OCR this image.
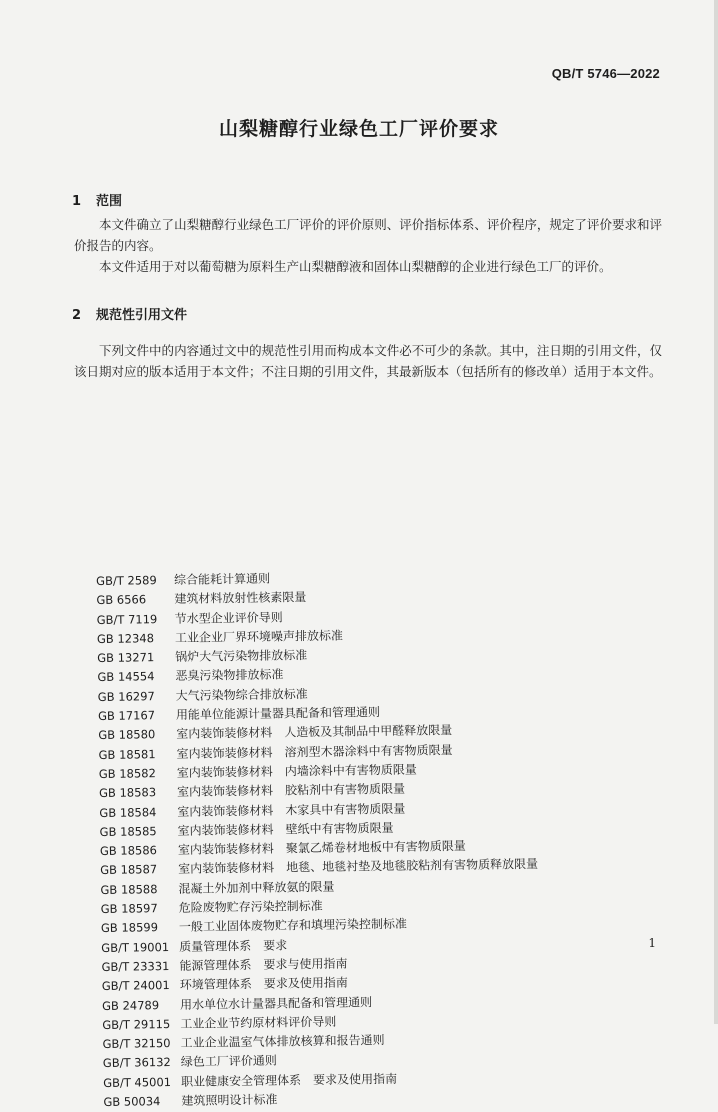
QB/T 5746—2022
山梨糖醇行业绿色工厂评价要求
1 范围
本文件确立了山梨糖醇行业绿色工厂评价的评价原则、评价指标体系、评价程序，规定了评价要求和评价报告的内容。
本文件适用于对以葡萄糖为原料生产山梨糖醇液和固体山梨糖醇的企业进行绿色工厂的评价。
2 规范性引用文件
下列文件中的内容通过文中的规范性引用而构成本文件必不可少的条款。其中，注日期的引用文件，仅该日期对应的版本适用于本文件；不注日期的引用文件，其最新版本（包括所有的修改单）适用于本文件。
GB/T 2589 综合能耗计算通则
GB 6566 建筑材料放射性核素限量
GB/T 7119 节水型企业评价导则
GB 12348 工业企业厂界环境噪声排放标准
GB 13271 锅炉大气污染物排放标准
GB 14554 恶臭污染物排放标准
GB 16297 大气污染物综合排放标准
GB 17167 用能单位能源计量器具配备和管理通则
GB 18580 室内装饰装修材料　人造板及其制品中甲醛释放限量
GB 18581 室内装饰装修材料　溶剂型木器涂料中有害物质限量
GB 18582 室内装饰装修材料　内墙涂料中有害物质限量
GB 18583 室内装饰装修材料　胶粘剂中有害物质限量
GB 18584 室内装饰装修材料　木家具中有害物质限量
GB 18585 室内装饰装修材料　壁纸中有害物质限量
GB 18586 室内装饰装修材料　聚氯乙烯卷材地板中有害物质限量
GB 18587 室内装饰装修材料　地毯、地毯衬垫及地毯胶粘剂有害物质释放限量
GB 18588 混凝土外加剂中释放氨的限量
GB 18597 危险废物贮存污染控制标准
GB 18599 一般工业固体废物贮存和填埋污染控制标准
GB/T 19001 质量管理体系　要求
GB/T 23331 能源管理体系　要求与使用指南
GB/T 24001 环境管理体系　要求及使用指南
GB 24789 用水单位水计量器具配备和管理通则
GB/T 29115 工业企业节约原材料评价导则
GB/T 32150 工业企业温室气体排放核算和报告通则
GB/T 36132 绿色工厂评价通则
GB/T 45001 职业健康安全管理体系　要求及使用指南
GB 50034 建筑照明设计标准
1
